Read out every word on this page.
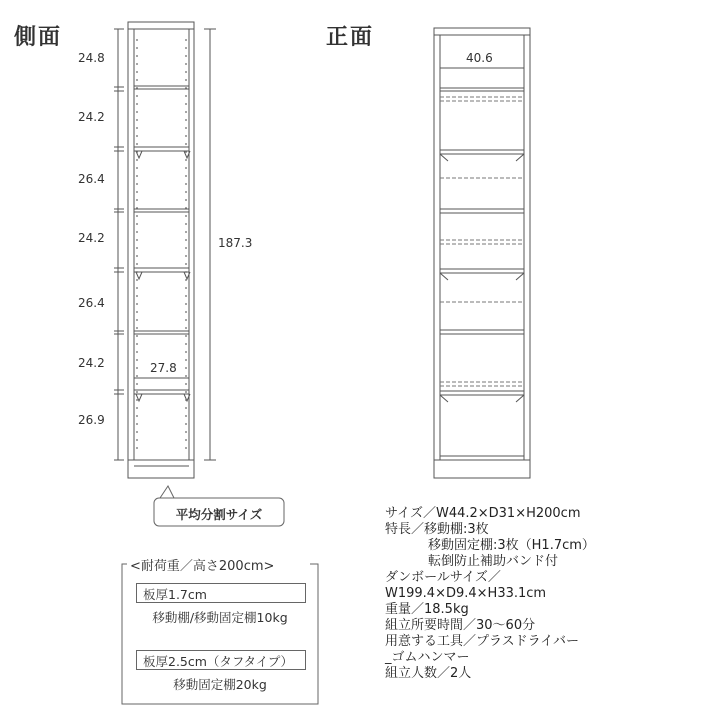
側面	正面
24.8
24.2
26.4
24.2
26.4
24.2
26.9
187.3
27.8
平均分割サイズ
40.6
<耐荷重／高さ200cm>
板厚1.7cm
移動棚/移動固定棚10kg
板厚2.5cm（タフタイプ）
移動固定棚20kg
サイズ／W44.2×D31×H200cm
特長／移動棚:3枚
　　　移動固定棚:3枚（H1.7cm）
　　　転倒防止補助バンド付
ダンボールサイズ／
W199.4×D9.4×H33.1cm
重量／18.5kg
組立所要時間／30～60分
用意する工具／プラスドライバー
_ゴムハンマー
組立人数／2人
